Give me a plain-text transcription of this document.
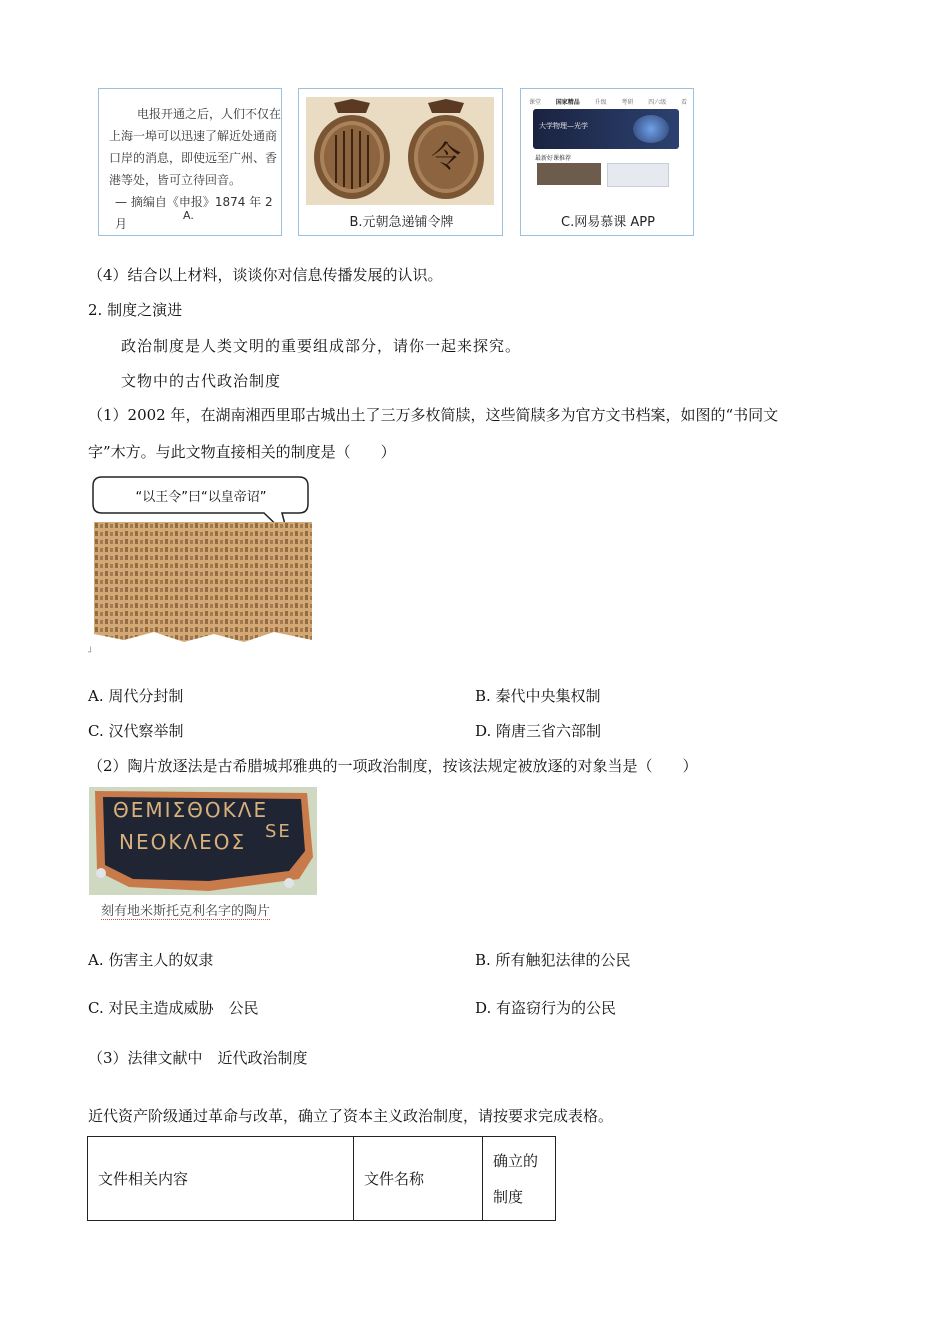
电报开通之后，人们不仅在
上海一埠可以迅速了解近处通商
口岸的消息，即使远至广州、香
港等处，皆可立待回音。
— 摘编自《申报》1874 年 2 月
A.
令
B.元朝急递铺令牌
课堂 国家精品 升级 考研 四六级 看
大学物理—光学
最新好课推荐
C.网易慕课 APP
（4）结合以上材料，谈谈你对信息传播发展的认识。
2. 制度之演进
政治制度是人类文明的重要组成部分，请你一起来探究。
文物中的古代政治制度
（1）2002 年，在湖南湘西里耶古城出土了三万多枚简牍，这些简牍多为官方文书档案，如图的“书同文
字”木方。与此文物直接相关的制度是（　　）
“以王令”曰“以皇帝诏”
┘
A. 周代分封制	B. 秦代中央集权制
C. 汉代察举制	D. 隋唐三省六部制
（2）陶片放逐法是古希腊城邦雅典的一项政治制度，按该法规定被放逐的对象当是（　　）
ΘΕΜΙΣΘΟΚΛΕ
SE
ΝΕΟΚΛΕΟΣ
刻有地米斯托克利名字的陶片
A. 伤害主人的奴隶	B. 所有触犯法律的公民
C. 对民主造成威胁　公民	D. 有盗窃行为的公民
（3）法律文献中　近代政治制度
近代资产阶级通过革命与改革，确立了资本主义政治制度，请按要求完成表格。
文件相关内容	文件名称	
确立的
制度
